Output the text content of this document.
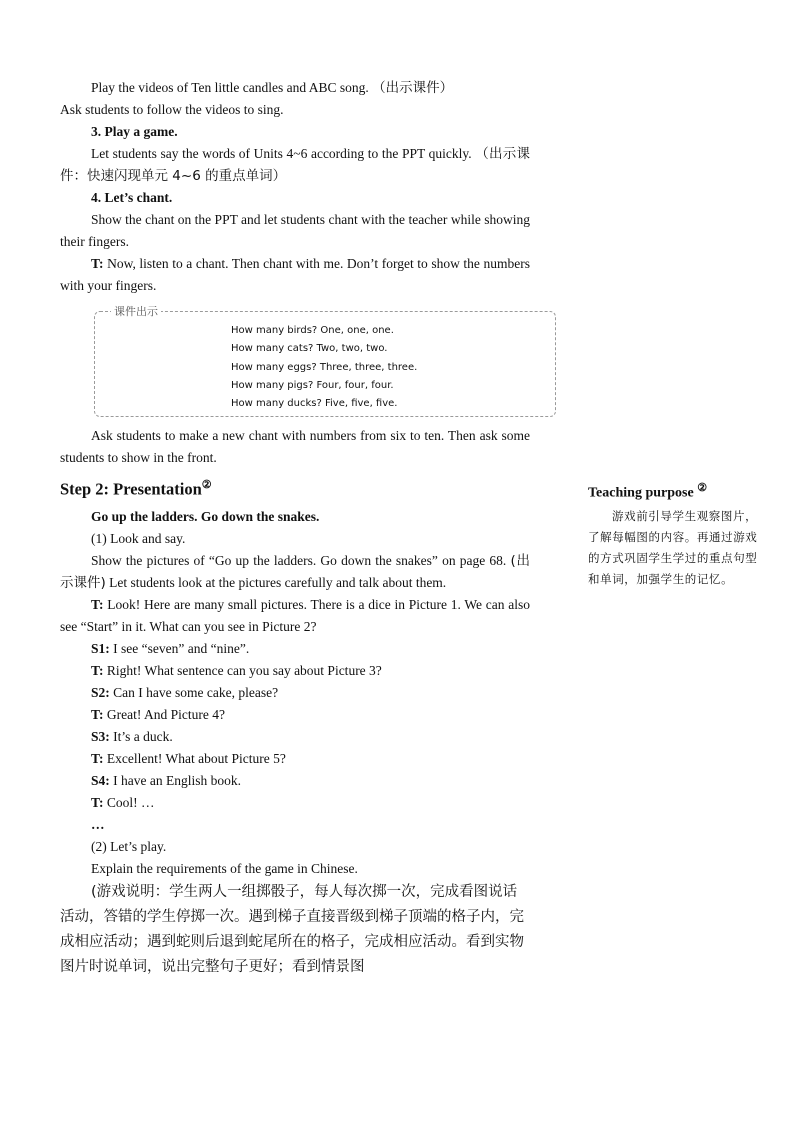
Play the videos of Ten little candles and ABC song. （出示课件）

Ask students to follow the videos to sing.

3. Play a game.

Let students say the words of Units 4~6 according to the PPT quickly. （出示课件：快速闪现单元 4~6 的重点单词）

4. Let’s chant.

Show the chant on the PPT and let students chant with the teacher while showing their fingers.

T: Now, listen to a chant. Then chant with me. Don’t forget to show the numbers with your fingers.

课件出示
How many birds? One, one, one.
How many cats? Two, two, two.
How many eggs? Three, three, three.
How many pigs? Four, four, four.
How many ducks? Five, five, five.

Ask students to make a new chant with numbers from six to ten. Then ask some students to show in the front.

Step 2: Presentation②

Go up the ladders. Go down the snakes.

(1) Look and say.

Show the pictures of “Go up the ladders. Go down the snakes” on page 68. (出示课件) Let students look at the pictures carefully and talk about them.

T: Look! Here are many small pictures. There is a dice in Picture 1. We can also see “Start” in it. What can you see in Picture 2?

S1: I see “seven” and “nine”.

T: Right! What sentence can you say about Picture 3?

S2: Can I have some cake, please?

T: Great! And Picture 4?

S3: It’s a duck.

T: Excellent! What about Picture 5?

S4: I have an English book.

T: Cool! …

…

(2) Let’s play.

Explain the requirements of the game in Chinese.

(游戏说明：学生两人一组掷骰子，每人每次掷一次，完成看图说话活动，答错的学生停掷一次。遇到梯子直接晋级到梯子顶端的格子内，完成相应活动；遇到蛇则后退到蛇尾所在的格子，完成相应活动。看到实物图片时说单词，说出完整句子更好；看到情景图

Teaching purpose ②

游戏前引导学生观察图片，了解每幅图的内容。再通过游戏的方式巩固学生学过的重点句型和单词，加强学生的记忆。
